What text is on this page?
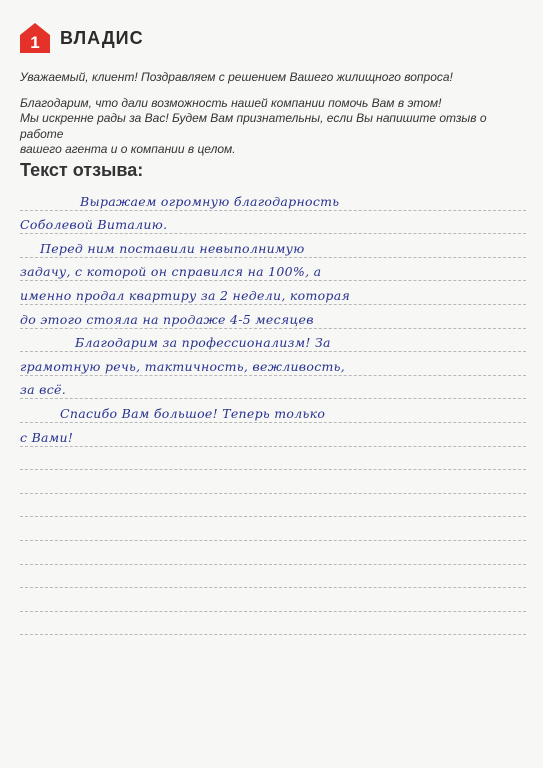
1 ВЛАДИС

Уважаемый, клиент! Поздравляем с решением Вашего жилищного вопроса!

Благодарим, что дали возможность нашей компании помочь Вам в этом!
Мы искренне рады за Вас! Будем Вам признательны, если Вы напишите отзыв о работе
вашего агента и о компании в целом.
Текст отзыва:
Выражаем огромную благодарность
Соболевой Виталию.
Перед ним поставили невыполнимую
задачу, с которой он справился на 100%, а
именно продал квартиру за 2 недели, которая
до этого стояла на продаже 4-5 месяцев
Благодарим за профессионализм! За
грамотную речь, тактичность, вежливость,
за всё.
Спасибо Вам большое! Теперь только
с Вами!
